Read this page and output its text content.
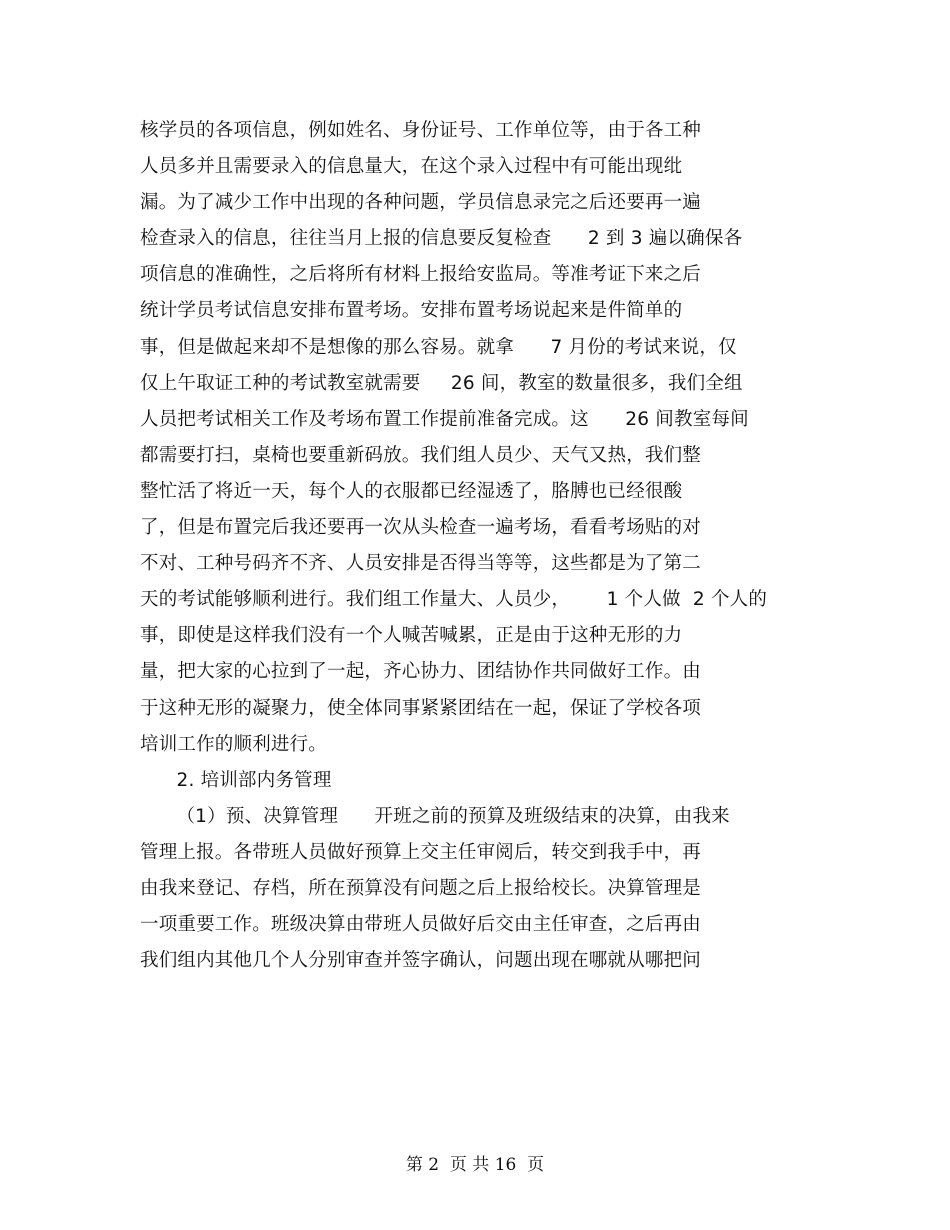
核学员的各项信息，例如姓名、身份证号、工作单位等，由于各工种
人员多并且需要录入的信息量大，在这个录入过程中有可能出现纰
漏。为了减少工作中出现的各种问题，学员信息录完之后还要再一遍
检查录入的信息，往往当月上报的信息要反复检查      2 到 3 遍以确保各
项信息的准确性，之后将所有材料上报给安监局。等准考证下来之后
统计学员考试信息安排布置考场。安排布置考场说起来是件简单的
事，但是做起来却不是想像的那么容易。就拿      7 月份的考试来说，仅
仅上午取证工种的考试教室就需要     26 间，教室的数量很多，我们全组
人员把考试相关工作及考场布置工作提前准备完成。这      26 间教室每间
都需要打扫，桌椅也要重新码放。我们组人员少、天气又热，我们整
整忙活了将近一天，每个人的衣服都已经湿透了，胳膊也已经很酸
了，但是布置完后我还要再一次从头检查一遍考场，看看考场贴的对
不对、工种号码齐不齐、人员安排是否得当等等，这些都是为了第二
天的考试能够顺利进行。我们组工作量大、人员少，      1 个人做  2 个人的
事，即使是这样我们没有一个人喊苦喊累，正是由于这种无形的力
量，把大家的心拉到了一起，齐心协力、团结协作共同做好工作。由
于这种无形的凝聚力，使全体同事紧紧团结在一起，保证了学校各项
培训工作的顺利进行。
2. 培训部内务管理
（1）预、决算管理      开班之前的预算及班级结束的决算，由我来
管理上报。各带班人员做好预算上交主任审阅后，转交到我手中，再
由我来登记、存档，所在预算没有问题之后上报给校长。决算管理是
一项重要工作。班级决算由带班人员做好后交由主任审查，之后再由
我们组内其他几个人分别审查并签字确认，问题出现在哪就从哪把问
第 2  页 共 16  页
